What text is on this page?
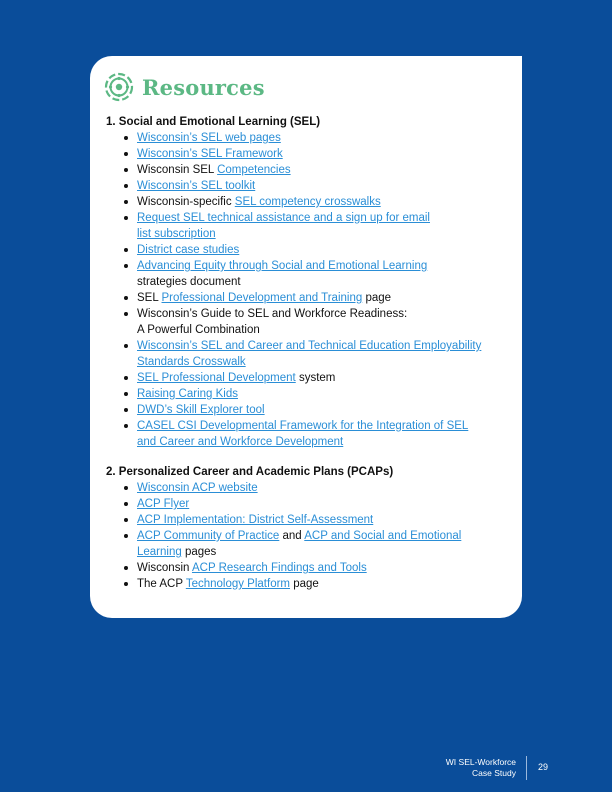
Resources
1. Social and Emotional Learning (SEL)
Wisconsin’s SEL web pages
Wisconsin’s SEL Framework
Wisconsin SEL Competencies
Wisconsin’s SEL toolkit
Wisconsin-specific SEL competency crosswalks
Request SEL technical assistance and a sign up for email
list subscription
District case studies
Advancing Equity through Social and Emotional Learning
strategies document
SEL Professional Development and Training page
Wisconsin’s Guide to SEL and Workforce Readiness:
A Powerful Combination
Wisconsin’s SEL and Career and Technical Education Employability
Standards Crosswalk
SEL Professional Development system
Raising Caring Kids
DWD’s Skill Explorer tool
CASEL CSI Developmental Framework for the Integration of SEL
and Career and Workforce Development
2. Personalized Career and Academic Plans (PCAPs)
Wisconsin ACP website
ACP Flyer
ACP Implementation: District Self-Assessment
ACP Community of Practice and ACP and Social and Emotional
Learning pages
Wisconsin ACP Research Findings and Tools
The ACP Technology Platform page
WI SEL-Workforce
Case Study
29
